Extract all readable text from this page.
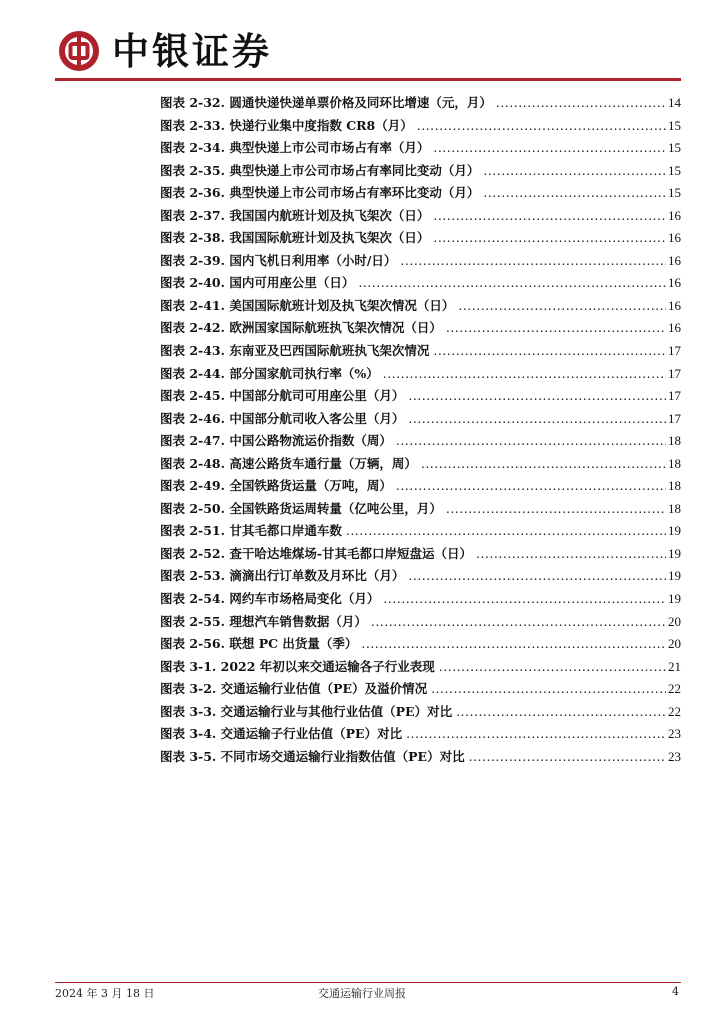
中银证券
图表 2-32. 圆通快递快递单票价格及同环比增速（元，月） .....	14
图表 2-33. 快递行业集中度指数 CR8（月） .....	15
图表 2-34. 典型快递上市公司市场占有率（月） .....	15
图表 2-35. 典型快递上市公司市场占有率同比变动（月） .....	15
图表 2-36. 典型快递上市公司市场占有率环比变动（月） .....	15
图表 2-37. 我国国内航班计划及执飞架次（日） .....	16
图表 2-38. 我国国际航班计划及执飞架次（日） .....	16
图表 2-39. 国内飞机日利用率（小时/日） .....	16
图表 2-40. 国内可用座公里（日） .....	16
图表 2-41. 美国国际航班计划及执飞架次情况（日） .....	16
图表 2-42. 欧洲国家国际航班执飞架次情况（日） .....	16
图表 2-43. 东南亚及巴西国际航班执飞架次情况 .....	17
图表 2-44. 部分国家航司执行率（%） .....	17
图表 2-45. 中国部分航司可用座公里（月） .....	17
图表 2-46. 中国部分航司收入客公里（月） .....	17
图表 2-47. 中国公路物流运价指数（周） .....	18
图表 2-48. 高速公路货车通行量（万辆，周） .....	18
图表 2-49. 全国铁路货运量（万吨，周） .....	18
图表 2-50. 全国铁路货运周转量（亿吨公里，月） .....	18
图表 2-51. 甘其毛都口岸通车数 .....	19
图表 2-52. 查干哈达堆煤场-甘其毛都口岸短盘运（日） .....	19
图表 2-53. 滴滴出行订单数及月环比（月） .....	19
图表 2-54. 网约车市场格局变化（月） .....	19
图表 2-55. 理想汽车销售数据（月） .....	20
图表 2-56. 联想 PC 出货量（季） .....	20
图表 3-1. 2022 年初以来交通运输各子行业表现 .....	21
图表 3-2. 交通运输行业估值（PE）及溢价情况 .....	22
图表 3-3. 交通运输行业与其他行业估值（PE）对比 .....	22
图表 3-4. 交通运输子行业估值（PE）对比 .....	23
图表 3-5. 不同市场交通运输行业指数估值（PE）对比 .....	23
2024 年 3 月 18 日	交通运输行业周报	4
